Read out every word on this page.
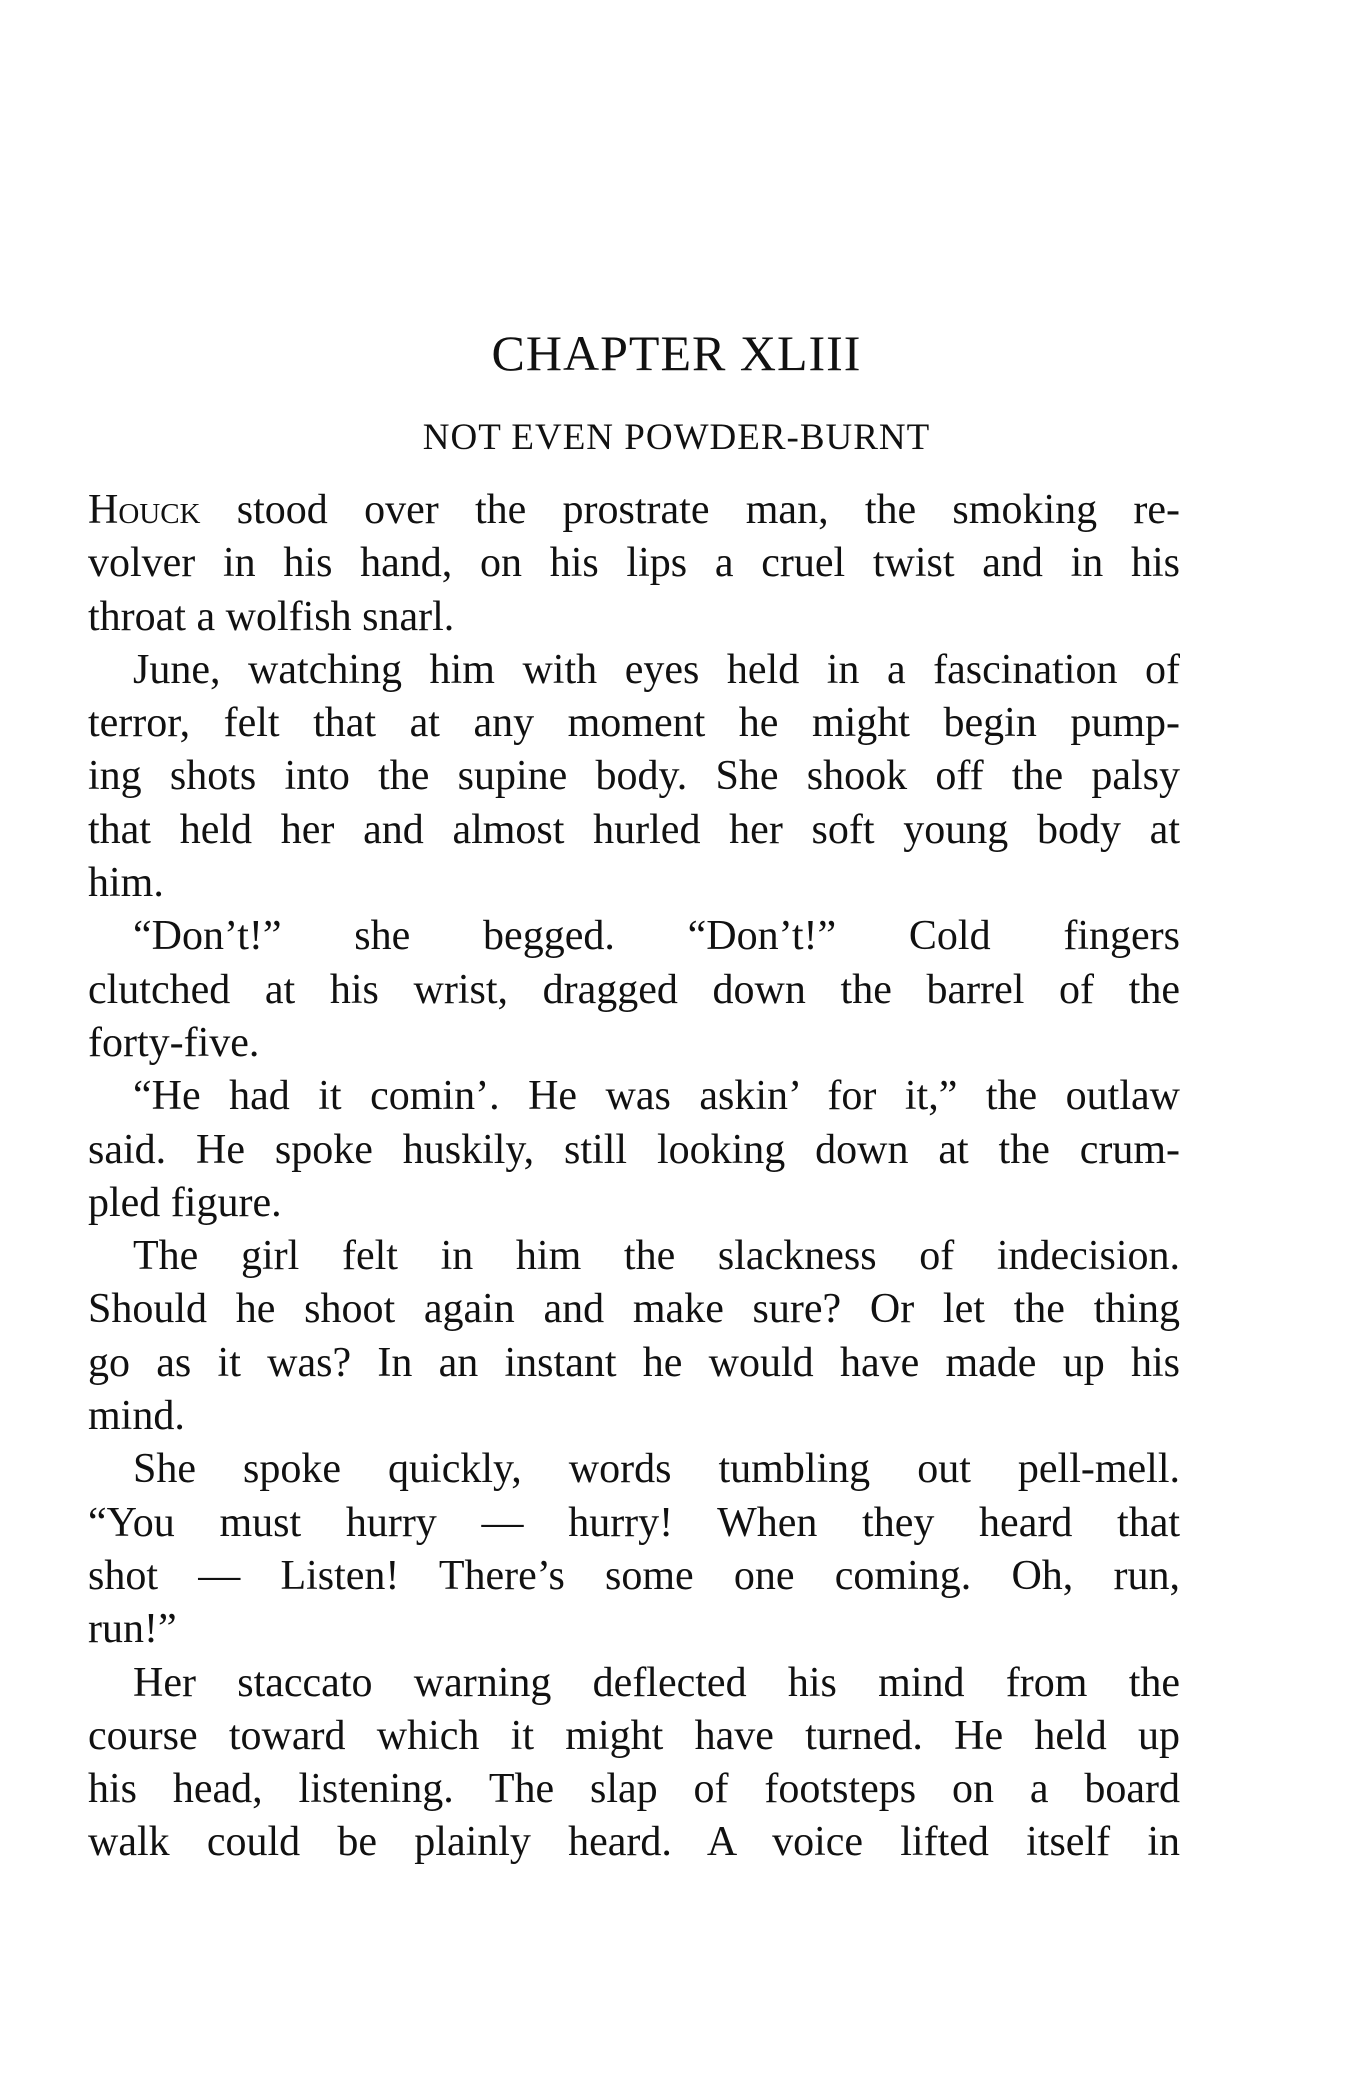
CHAPTER XLIII
NOT EVEN POWDER-BURNT
Houck stood over the prostrate man, the smoking re-
volver in his hand, on his lips a cruel twist and in his
throat a wolfish snarl.
June, watching him with eyes held in a fascination of
terror, felt that at any moment he might begin pump-
ing shots into the supine body. She shook off the palsy
that held her and almost hurled her soft young body at
him.
“Don’t!” she begged. “Don’t!” Cold fingers
clutched at his wrist, dragged down the barrel of the
forty-five.
“He had it comin’. He was askin’ for it,” the outlaw
said. He spoke huskily, still looking down at the crum-
pled figure.
The girl felt in him the slackness of indecision.
Should he shoot again and make sure? Or let the thing
go as it was? In an instant he would have made up his
mind.
She spoke quickly, words tumbling out pell-mell.
“You must hurry — hurry! When they heard that
shot — Listen! There’s some one coming. Oh, run,
run!”
Her staccato warning deflected his mind from the
course toward which it might have turned. He held up
his head, listening. The slap of footsteps on a board
walk could be plainly heard. A voice lifted itself in
